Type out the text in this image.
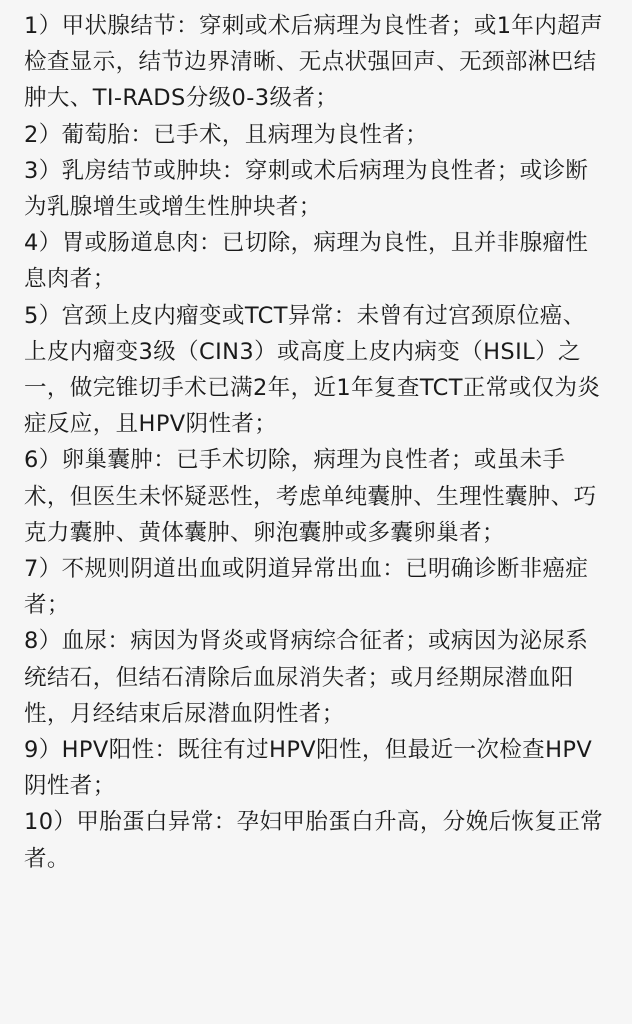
1）甲状腺结节：穿刺或术后病理为良性者；或1年内超声检查显示，结节边界清晰、无点状强回声、无颈部淋巴结肿大、TI-RADS分级0-3级者；

2）葡萄胎：已手术，且病理为良性者；

3）乳房结节或肿块：穿刺或术后病理为良性者；或诊断为乳腺增生或增生性肿块者；

4）胃或肠道息肉：已切除，病理为良性，且并非腺瘤性息肉者；

5）宫颈上皮内瘤变或TCT异常：未曾有过宫颈原位癌、上皮内瘤变3级（CIN3）或高度上皮内病变（HSIL）之一，做完锥切手术已满2年，近1年复查TCT正常或仅为炎症反应，且HPV阴性者；

6）卵巢囊肿：已手术切除，病理为良性者；或虽未手术，但医生未怀疑恶性，考虑单纯囊肿、生理性囊肿、巧克力囊肿、黄体囊肿、卵泡囊肿或多囊卵巢者；

7）不规则阴道出血或阴道异常出血：已明确诊断非癌症者；

8）血尿：病因为肾炎或肾病综合征者；或病因为泌尿系统结石，但结石清除后血尿消失者；或月经期尿潜血阳性，月经结束后尿潜血阴性者；

9）HPV阳性：既往有过HPV阳性，但最近一次检查HPV阴性者；

10）甲胎蛋白异常：孕妇甲胎蛋白升高，分娩后恢复正常者。
